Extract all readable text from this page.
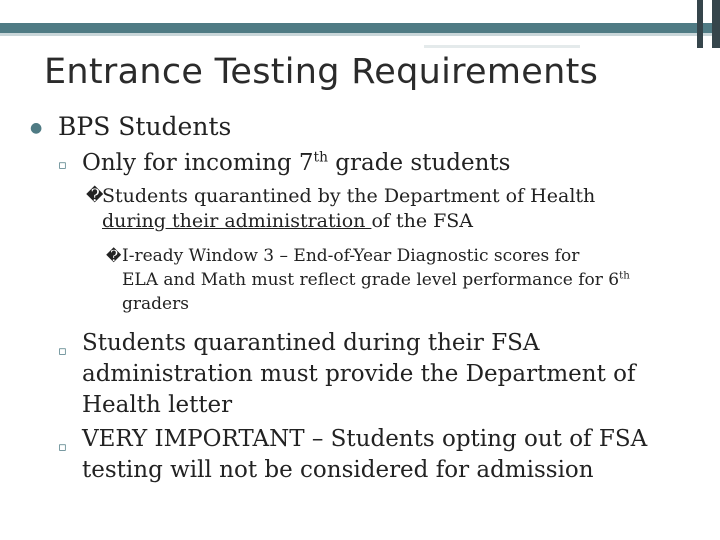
Entrance Testing Requirements
● BPS Students
▫ Only for incoming 7th grade students
�
Students quarantined by the Department of Health
during their administration of the FSA
� I-ready Window 3 – End-of-Year Diagnostic scores for
ELA and Math must reflect grade level performance for 6th
graders
▫ Students quarantined during their FSA
administration must provide the Department of
Health letter
▫ VERY IMPORTANT – Students opting out of FSA
testing will not be considered for admission
